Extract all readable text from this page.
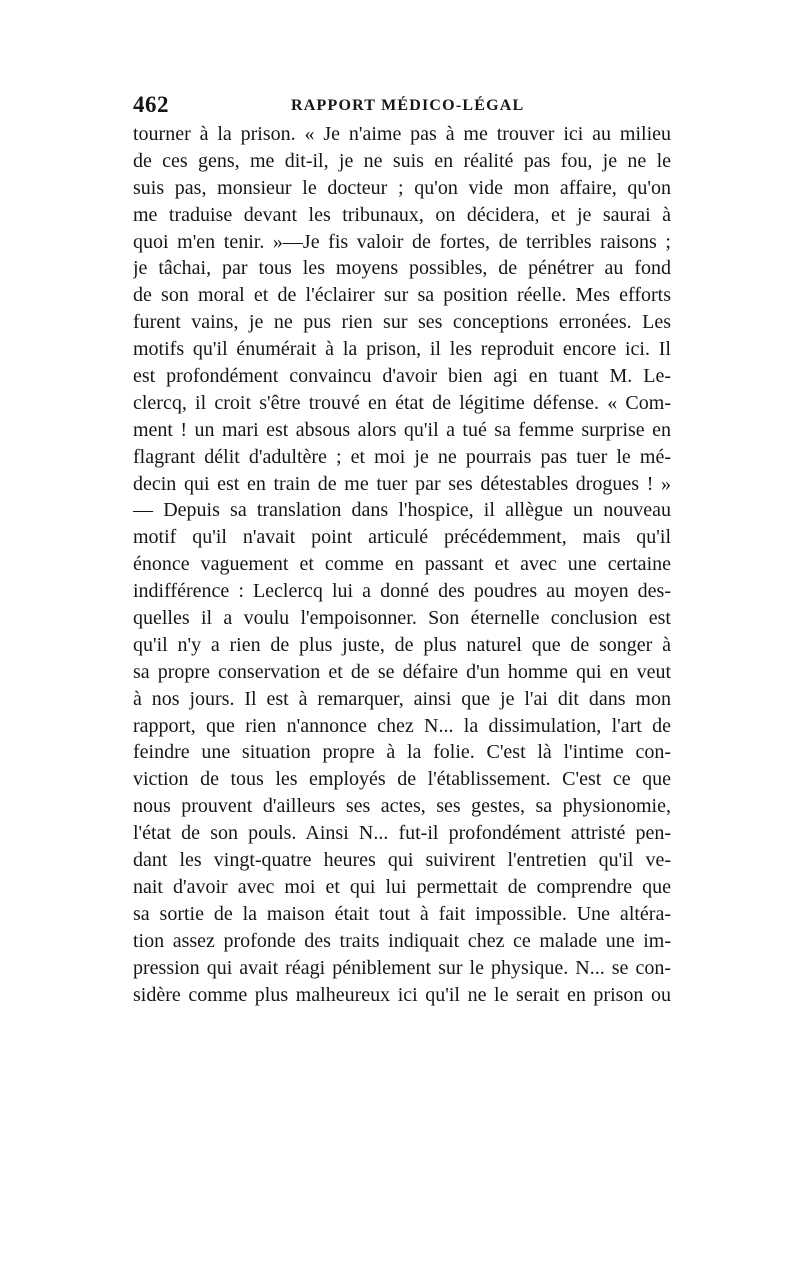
462	RAPPORT MÉDICO-LÉGAL
tourner à la prison. « Je n'aime pas à me trouver ici au milieu
de ces gens, me dit-il, je ne suis en réalité pas fou, je ne le
suis pas, monsieur le docteur ; qu'on vide mon affaire, qu'on
me traduise devant les tribunaux, on décidera, et je saurai à
quoi m'en tenir. »—Je fis valoir de fortes, de terribles raisons ;
je tâchai, par tous les moyens possibles, de pénétrer au fond
de son moral et de l'éclairer sur sa position réelle. Mes efforts
furent vains, je ne pus rien sur ses conceptions erronées. Les
motifs qu'il énumérait à la prison, il les reproduit encore ici. Il
est profondément convaincu d'avoir bien agi en tuant M. Le-
clercq, il croit s'être trouvé en état de légitime défense. « Com-
ment ! un mari est absous alors qu'il a tué sa femme surprise en
flagrant délit d'adultère ; et moi je ne pourrais pas tuer le mé-
decin qui est en train de me tuer par ses détestables drogues ! »
— Depuis sa translation dans l'hospice, il allègue un nouveau
motif qu'il n'avait point articulé précédemment, mais qu'il
énonce vaguement et comme en passant et avec une certaine
indifférence : Leclercq lui a donné des poudres au moyen des-
quelles il a voulu l'empoisonner. Son éternelle conclusion est
qu'il n'y a rien de plus juste, de plus naturel que de songer à
sa propre conservation et de se défaire d'un homme qui en veut
à nos jours. Il est à remarquer, ainsi que je l'ai dit dans mon
rapport, que rien n'annonce chez N... la dissimulation, l'art de
feindre une situation propre à la folie. C'est là l'intime con-
viction de tous les employés de l'établissement. C'est ce que
nous prouvent d'ailleurs ses actes, ses gestes, sa physionomie,
l'état de son pouls. Ainsi N... fut-il profondément attristé pen-
dant les vingt-quatre heures qui suivirent l'entretien qu'il ve-
nait d'avoir avec moi et qui lui permettait de comprendre que
sa sortie de la maison était tout à fait impossible. Une altéra-
tion assez profonde des traits indiquait chez ce malade une im-
pression qui avait réagi péniblement sur le physique. N... se con-
sidère comme plus malheureux ici qu'il ne le serait en prison ou
